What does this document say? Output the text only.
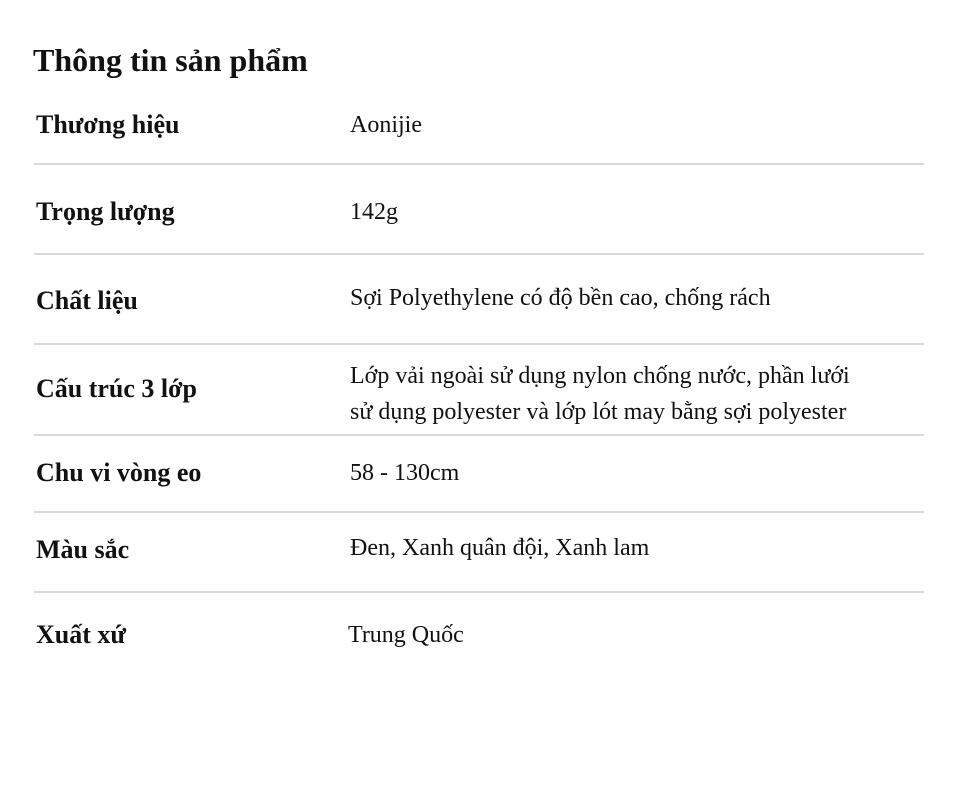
Thông tin sản phẩm
Thương hiệu	Aonijie
Trọng lượng	142g
Chất liệu	Sợi Polyethylene có độ bền cao, chống rách
Cấu trúc 3 lớp	Lớp vải ngoài sử dụng nylon chống nước, phần lưới
sử dụng polyester và lớp lót may bằng sợi polyester
Chu vi vòng eo	58 - 130cm
Màu sắc	Đen, Xanh quân đội, Xanh lam
Xuất xứ	Trung Quốc
